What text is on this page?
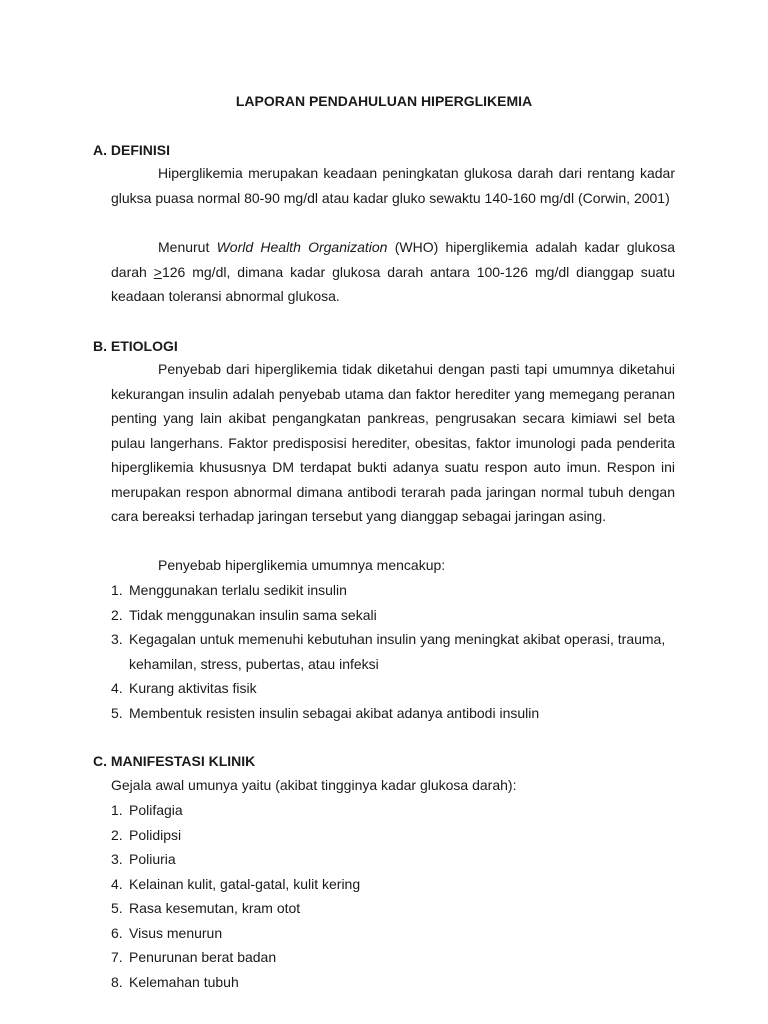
LAPORAN PENDAHULUAN HIPERGLIKEMIA
A. DEFINISI

Hiperglikemia merupakan keadaan peningkatan glukosa darah dari rentang kadar gluksa puasa normal 80-90 mg/dl atau kadar gluko sewaktu 140-160 mg/dl (Corwin, 2001)

Menurut World Health Organization (WHO) hiperglikemia adalah kadar glukosa darah ≥126 mg/dl, dimana kadar glukosa darah antara 100-126 mg/dl dianggap suatu keadaan toleransi abnormal glukosa.

B. ETIOLOGI

Penyebab dari hiperglikemia tidak diketahui dengan pasti tapi umumnya diketahui kekurangan insulin adalah penyebab utama dan faktor herediter yang memegang peranan penting yang lain akibat pengangkatan pankreas, pengrusakan secara kimiawi sel beta pulau langerhans. Faktor predisposisi herediter, obesitas, faktor imunologi pada penderita hiperglikemia khususnya DM terdapat bukti adanya suatu respon auto imun. Respon ini merupakan respon abnormal dimana antibodi terarah pada jaringan normal tubuh dengan cara bereaksi terhadap jaringan tersebut yang dianggap sebagai jaringan asing.

Penyebab hiperglikemia umumnya mencakup:

1. Menggunakan terlalu sedikit insulin
2. Tidak menggunakan insulin sama sekali
3. Kegagalan untuk memenuhi kebutuhan insulin yang meningkat akibat operasi, trauma, kehamilan, stress, pubertas, atau infeksi
4. Kurang aktivitas fisik
5. Membentuk resisten insulin sebagai akibat adanya antibodi insulin
C. MANIFESTASI KLINIK

Gejala awal umunya yaitu (akibat tingginya kadar glukosa darah):

1. Polifagia
2. Polidipsi
3. Poliuria
4. Kelainan kulit, gatal-gatal, kulit kering
5. Rasa kesemutan, kram otot
6. Visus menurun
7. Penurunan berat badan
8. Kelemahan tubuh
